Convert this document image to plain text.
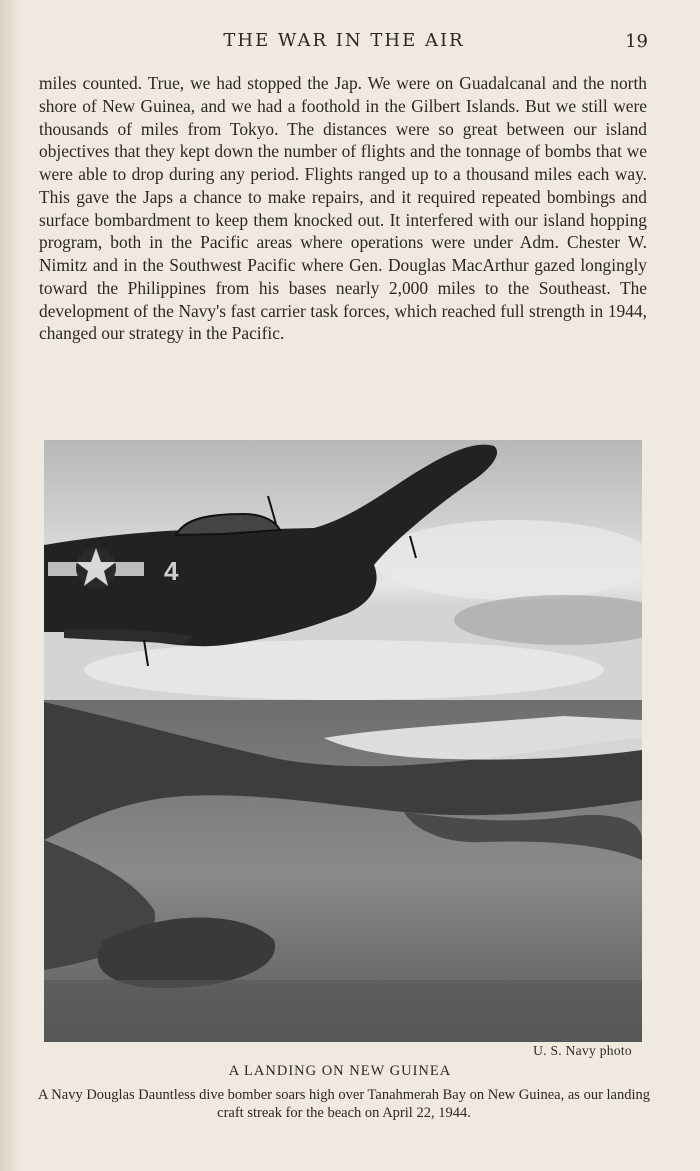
THE WAR IN THE AIR	19

miles counted. True, we had stopped the Jap. We were on Guadalcanal and the north shore of New Guinea, and we had a foothold in the Gilbert Islands. But we still were thousands of miles from Tokyo. The distances were so great between our island objectives that they kept down the number of flights and the tonnage of bombs that we were able to drop during any period. Flights ranged up to a thousand miles each way. This gave the Japs a chance to make repairs, and it required repeated bombings and surface bombardment to keep them knocked out. It interfered with our island hopping program, both in the Pacific areas where operations were under Adm. Chester W. Nimitz and in the Southwest Pacific where Gen. Douglas MacArthur gazed longingly toward the Philippines from his bases nearly 2,000 miles to the Southeast. The development of the Navy's fast carrier task forces, which reached full strength in 1944, changed our strategy in the Pacific.

4
U. S. Navy photo
A LANDING ON NEW GUINEA
A Navy Douglas Dauntless dive bomber soars high over Tanahmerah Bay on New Guinea, as our landing craft streak for the beach on April 22, 1944.
